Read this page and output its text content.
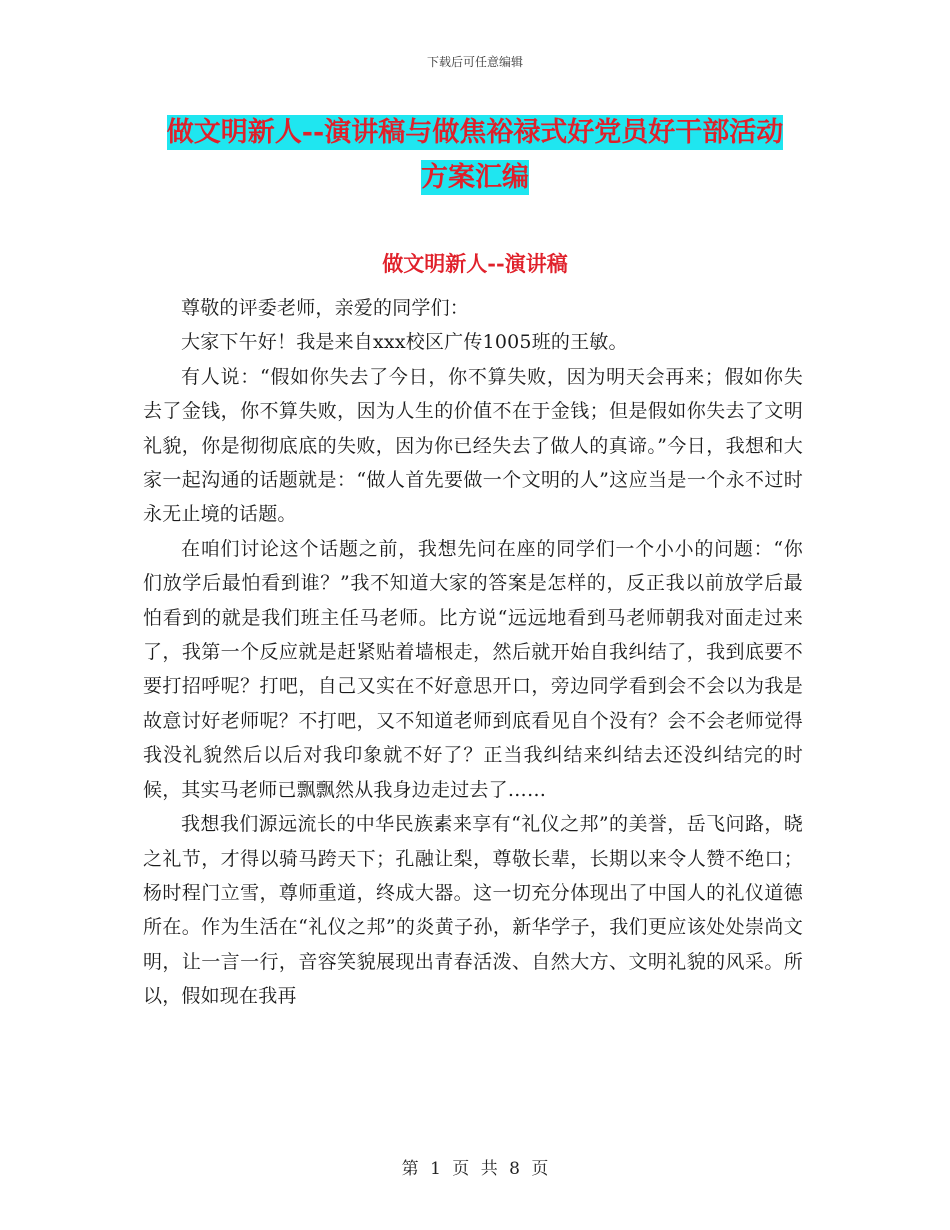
下载后可任意编辑
做文明新人--演讲稿与做焦裕禄式好党员好干部活动
方案汇编
做文明新人--演讲稿

尊敬的评委老师，亲爱的同学们：

大家下午好！我是来自xxx校区广传1005班的王敏。

有人说：“假如你失去了今日，你不算失败，因为明天会再来；假如你失去了金钱，你不算失败，因为人生的价值不在于金钱；但是假如你失去了文明礼貌，你是彻彻底底的失败，因为你已经失去了做人的真谛。”今日，我想和大家一起沟通的话题就是：“做人首先要做一个文明的人”这应当是一个永不过时永无止境的话题。

在咱们讨论这个话题之前，我想先问在座的同学们一个小小的问题：“你们放学后最怕看到谁？”我不知道大家的答案是怎样的，反正我以前放学后最怕看到的就是我们班主任马老师。比方说“远远地看到马老师朝我对面走过来了，我第一个反应就是赶紧贴着墙根走，然后就开始自我纠结了，我到底要不要打招呼呢？打吧，自己又实在不好意思开口，旁边同学看到会不会以为我是故意讨好老师呢？不打吧，又不知道老师到底看见自个没有？会不会老师觉得我没礼貌然后以后对我印象就不好了？正当我纠结来纠结去还没纠结完的时候，其实马老师已飘飘然从我身边走过去了……

我想我们源远流长的中华民族素来享有“礼仪之邦”的美誉，岳飞问路，晓之礼节，才得以骑马跨天下；孔融让梨，尊敬长辈，长期以来令人赞不绝口；杨时程门立雪，尊师重道，终成大器。这一切充分体现出了中国人的礼仪道德所在。作为生活在“礼仪之邦”的炎黄子孙，新华学子，我们更应该处处崇尚文明，让一言一行，音容笑貌展现出青春活泼、自然大方、文明礼貌的风采。所以，假如现在我再

第 1 页 共 8 页
